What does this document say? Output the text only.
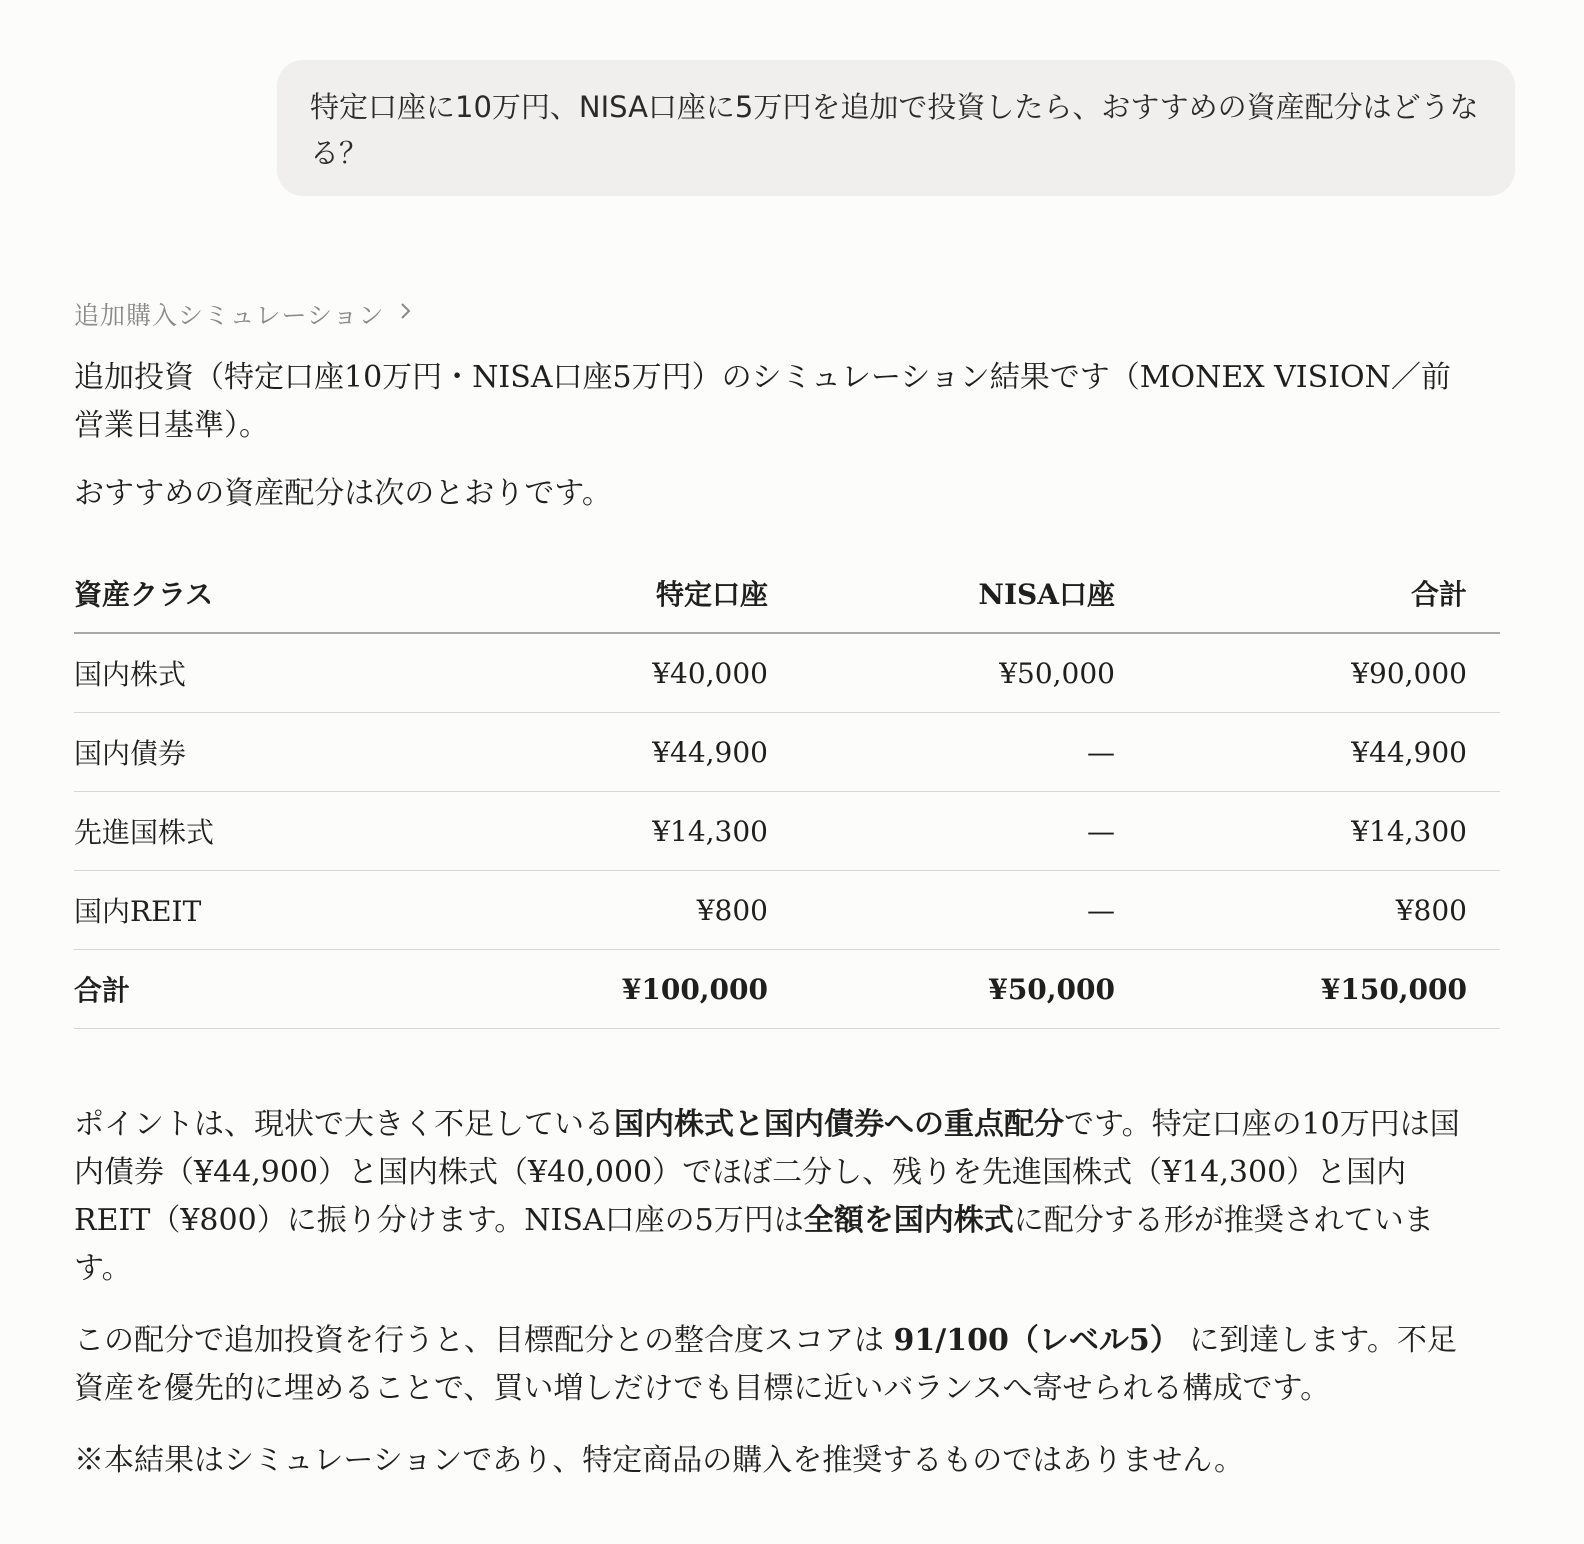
特定口座に10万円、NISA口座に5万円を追加で投資したら、おすすめの資産配分はどうなる？
追加購入シミュレーション

追加投資（特定口座10万円・NISA口座5万円）のシミュレーション結果です（MONEX VISION／前営業日基準）。

おすすめの資産配分は次のとおりです。

資産クラス	特定口座	NISA口座	合計
国内株式	¥40,000	¥50,000	¥90,000
国内債券	¥44,900	—	¥44,900
先進国株式	¥14,300	—	¥14,300
国内REIT	¥800	—	¥800
合計	¥100,000	¥50,000	¥150,000

ポイントは、現状で大きく不足している国内株式と国内債券への重点配分です。特定口座の10万円は国内債券（¥44,900）と国内株式（¥40,000）でほぼ二分し、残りを先進国株式（¥14,300）と国内REIT（¥800）に振り分けます。NISA口座の5万円は全額を国内株式に配分する形が推奨されています。

この配分で追加投資を行うと、目標配分との整合度スコアは 91/100（レベル5） に到達します。不足資産を優先的に埋めることで、買い増しだけでも目標に近いバランスへ寄せられる構成です。

※本結果はシミュレーションであり、特定商品の購入を推奨するものではありません。
